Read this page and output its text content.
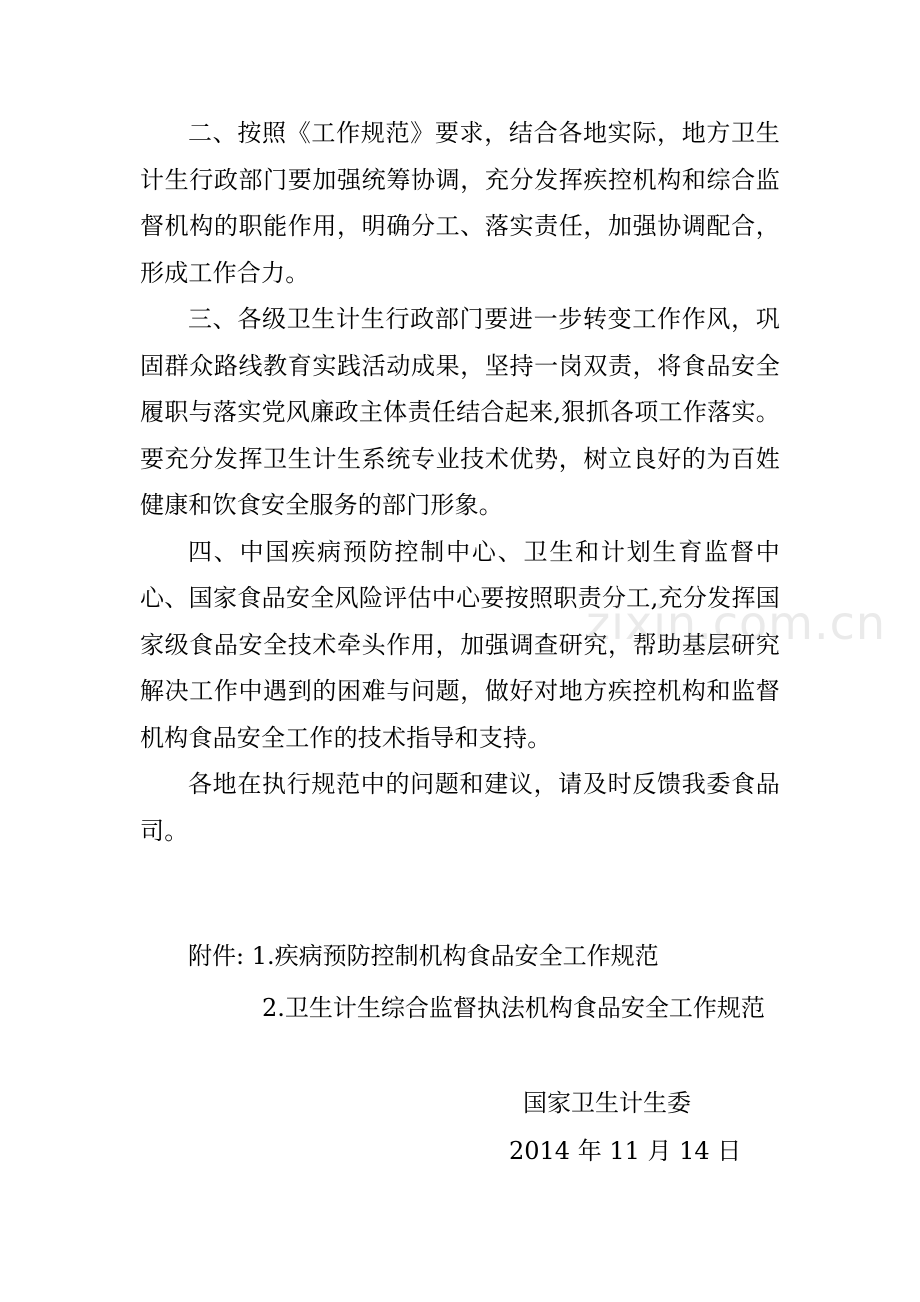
二、按照《工作规范》要求，结合各地实际，地方卫生计生行政部门要加强统筹协调，充分发挥疾控机构和综合监督机构的职能作用，明确分工、落实责任，加强协调配合，形成工作合力。

三、各级卫生计生行政部门要进一步转变工作作风，巩固群众路线教育实践活动成果，坚持一岗双责，将食品安全履职与落实党风廉政主体责任结合起来,狠抓各项工作落实。要充分发挥卫生计生系统专业技术优势，树立良好的为百姓健康和饮食安全服务的部门形象。

四、中国疾病预防控制中心、卫生和计划生育监督中心、国家食品安全风险评估中心要按照职责分工,充分发挥国家级食品安全技术牵头作用，加强调查研究，帮助基层研究解决工作中遇到的困难与问题，做好对地方疾控机构和监督机构食品安全工作的技术指导和支持。

各地在执行规范中的问题和建议，请及时反馈我委食品司。

附件: 1.疾病预防控制机构食品安全工作规范
2.卫生计生综合监督执法机构食品安全工作规范
国家卫生计生委
2014 年 11 月 14 日
zixin.com.cn
